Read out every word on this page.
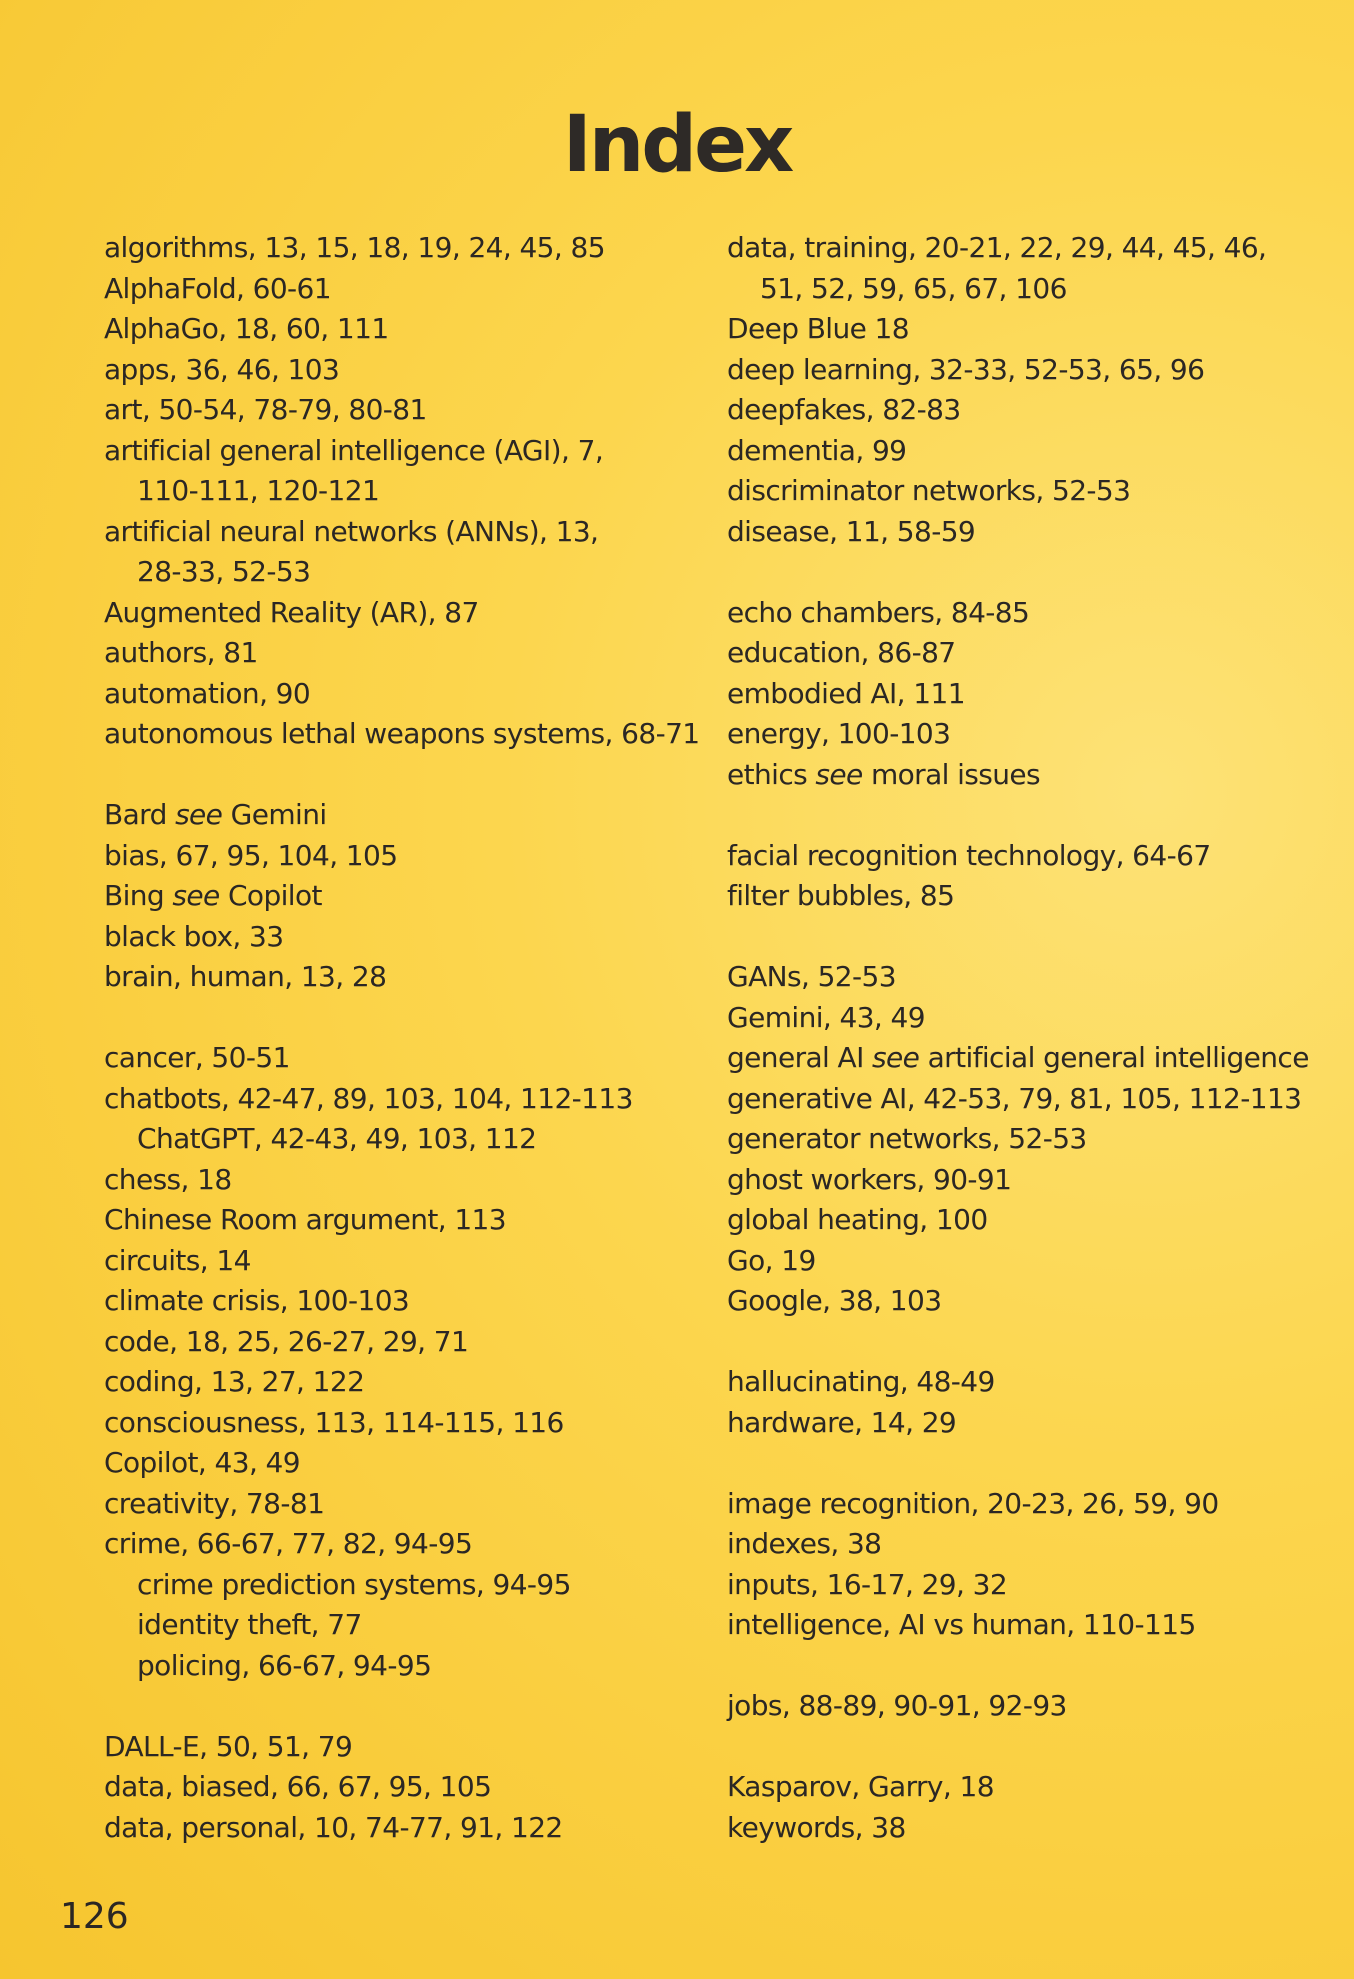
Index
algorithms, 13, 15, 18, 19, 24, 45, 85
AlphaFold, 60-61
AlphaGo, 18, 60, 111
apps, 36, 46, 103
art, 50-54, 78-79, 80-81
artificial general intelligence (AGI), 7,
110-111, 120-121
artificial neural networks (ANNs), 13,
28-33, 52-53
Augmented Reality (AR), 87
authors, 81
automation, 90
autonomous lethal weapons systems, 68-71
Bard see Gemini
bias, 67, 95, 104, 105
Bing see Copilot
black box, 33
brain, human, 13, 28
cancer, 50-51
chatbots, 42-47, 89, 103, 104, 112-113
ChatGPT, 42-43, 49, 103, 112
chess, 18
Chinese Room argument, 113
circuits, 14
climate crisis, 100-103
code, 18, 25, 26-27, 29, 71
coding, 13, 27, 122
consciousness, 113, 114-115, 116
Copilot, 43, 49
creativity, 78-81
crime, 66-67, 77, 82, 94-95
crime prediction systems, 94-95
identity theft, 77
policing, 66-67, 94-95
DALL-E, 50, 51, 79
data, biased, 66, 67, 95, 105
data, personal, 10, 74-77, 91, 122
data, training, 20-21, 22, 29, 44, 45, 46,
51, 52, 59, 65, 67, 106
Deep Blue 18
deep learning, 32-33, 52-53, 65, 96
deepfakes, 82-83
dementia, 99
discriminator networks, 52-53
disease, 11, 58-59
echo chambers, 84-85
education, 86-87
embodied AI, 111
energy, 100-103
ethics see moral issues
facial recognition technology, 64-67
filter bubbles, 85
GANs, 52-53
Gemini, 43, 49
general AI see artificial general intelligence
generative AI, 42-53, 79, 81, 105, 112-113
generator networks, 52-53
ghost workers, 90-91
global heating, 100
Go, 19
Google, 38, 103
hallucinating, 48-49
hardware, 14, 29
image recognition, 20-23, 26, 59, 90
indexes, 38
inputs, 16-17, 29, 32
intelligence, AI vs human, 110-115
jobs, 88-89, 90-91, 92-93
Kasparov, Garry, 18
keywords, 38
126
